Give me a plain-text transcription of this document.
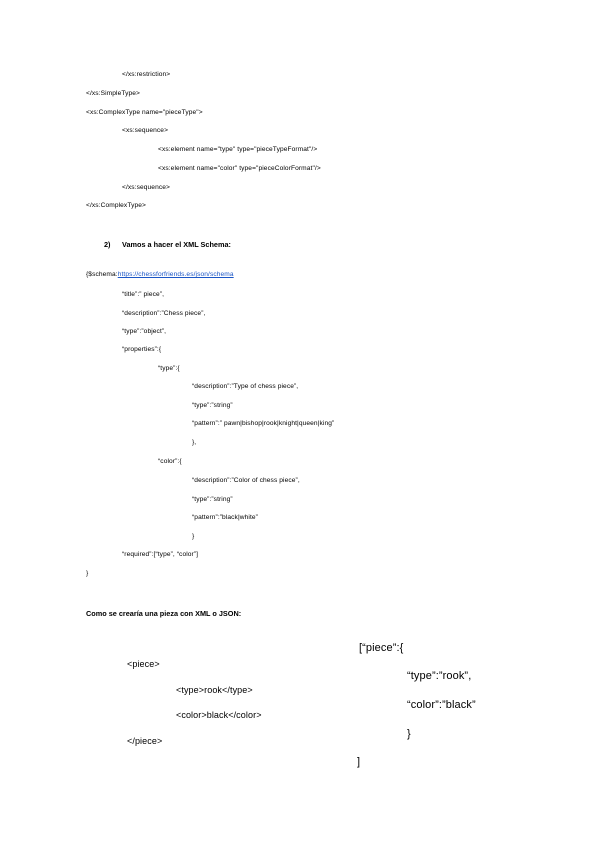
</xs:restriction>
</xs:SimpleType>
<xs:ComplexType name="pieceType">
<xs:sequence>
<xs:element name="type" type="pieceTypeFormat"/>
<xs:element name="color" type="pieceColorFormat"/>
</xs:sequence>
</xs:ComplexType>
2) Vamos a hacer el XML Schema:
{$schema:https://chessforfriends.es/json/schema
“title”:” piece”,
“description”:”Chess piece”,
“type”:”object”,
“properties”:{
“type”:{
“description”:”Type of chess piece”,
“type”:”string”
“pattern”:” pawn|bishop|rook|knight|queen|king”
},
“color”:{
“description”:”Color of chess piece”,
“type”:”string”
“pattern”:”black|white”
}
“required”:[“type”, “color”]
}
Como se crearía una pieza con XML o JSON:
<piece>
<type>rook</type>
<color>black</color>
</piece>
[“piece”:{
“type”:”rook”,
“color”:”black”
}
]
